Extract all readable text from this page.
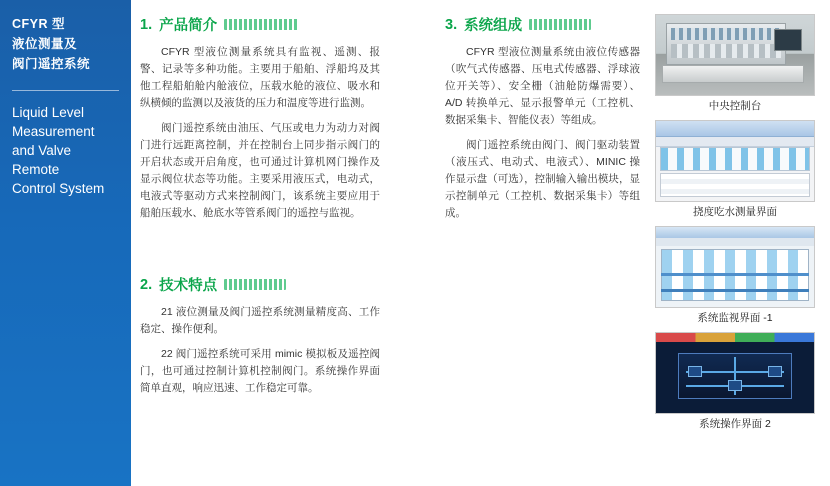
CFYR 型
液位测量及
阀门遥控系统
Liquid Level
Measurement
and Valve
Remote
Control System
1. 产品简介

CFYR 型液位测量系统具有监视、遥测、报警、记录等多种功能。主要用于船舶、浮船坞及其他工程船舶舱内舱液位，压载水舱的液位、吸水和纵横倾的监测以及液货的压力和温度等进行监测。

阀门遥控系统由油压、气压或电力为动力对阀门进行远距离控制，并在控制台上同步指示阀门的开启状态或开启角度，也可通过计算机网门操作及显示阀位状态等功能。主要采用液压式，电动式，电液式等驱动方式来控制阀门，该系统主要应用于船舶压载水、舱底水等管系阀门的遥控与监视。

2. 技术特点

21 液位测量及阀门遥控系统测量精度高、工作稳定、操作便利。

22 阀门遥控系统可采用 mimic 模拟板及遥控阀门，也可通过控制计算机控制阀门。系统操作界面简单直观，响应迅速、工作稳定可靠。

3. 系统组成

CFYR 型液位测量系统由液位传感器（吹气式传感器、压电式传感器、浮球液位开关等）、安全栅（油舱防爆需要）、A/D 转换单元、显示报警单元（工控机、数据采集卡、智能仪表）等组成。

阀门遥控系统由阀门、阀门驱动装置（液压式、电动式、电液式）、MINIC 操作显示盘（可选），控制输入输出模块，显示控制单元（工控机、数据采集卡）等组成。

中央控制台
挠度吃水测量界面
系统监视界面 -1
系统操作界面 2
